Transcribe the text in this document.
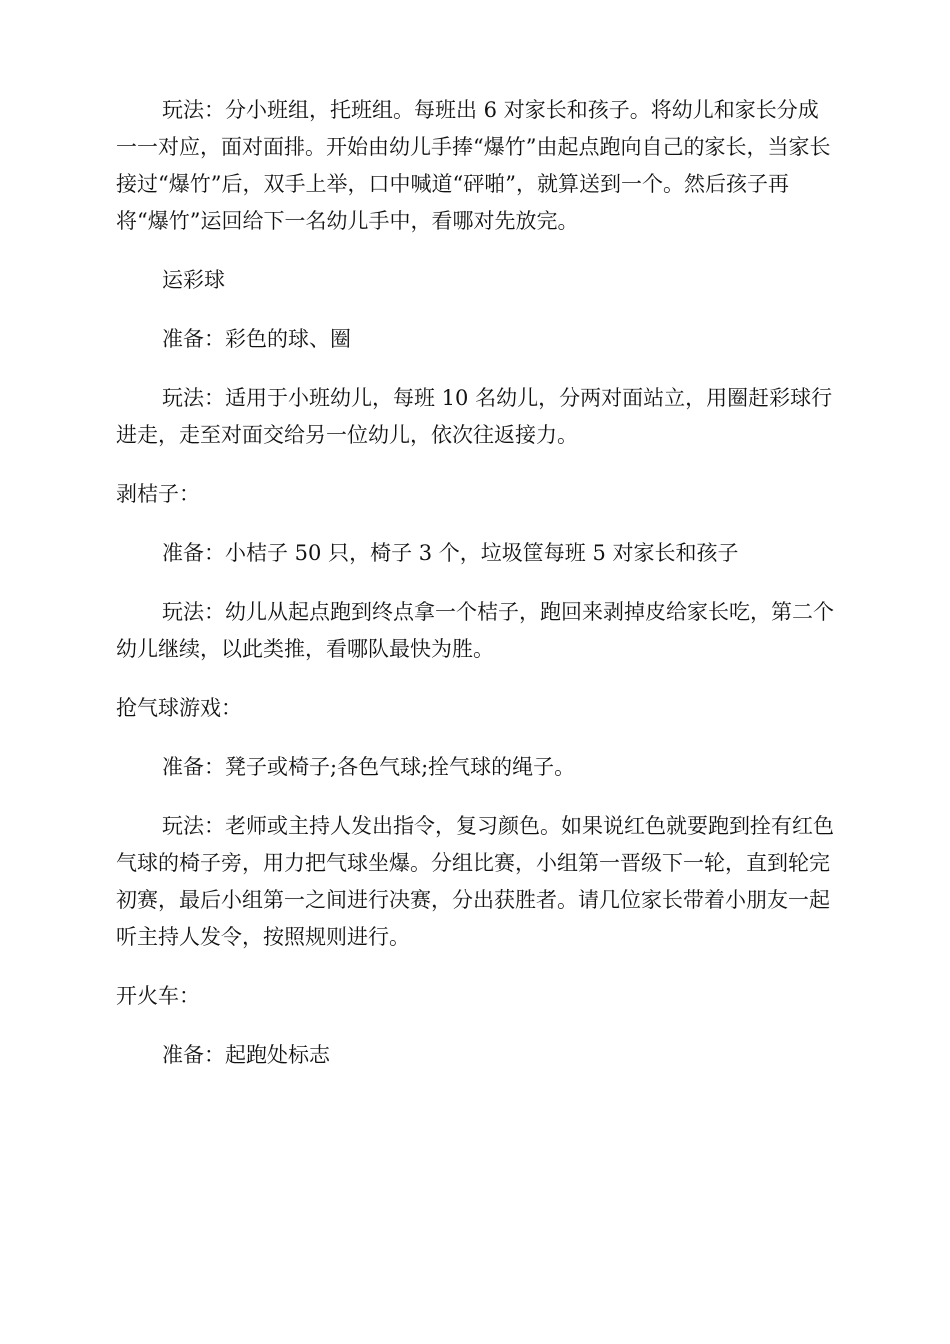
玩法：分小班组，托班组。每班出 6 对家长和孩子。将幼儿和家长分成一一对应，面对面排。开始由幼儿手捧“爆竹”由起点跑向自己的家长，当家长接过“爆竹”后，双手上举，口中喊道“砰啪”，就算送到一个。然后孩子再将“爆竹”运回给下一名幼儿手中，看哪对先放完。

运彩球

准备：彩色的球、圈

玩法：适用于小班幼儿，每班 10 名幼儿，分两对面站立，用圈赶彩球行进走，走至对面交给另一位幼儿，依次往返接力。

剥桔子：

准备：小桔子 50 只，椅子 3 个，垃圾筐每班 5 对家长和孩子

玩法：幼儿从起点跑到终点拿一个桔子，跑回来剥掉皮给家长吃，第二个幼儿继续，以此类推，看哪队最快为胜。

抢气球游戏：

准备：凳子或椅子;各色气球;拴气球的绳子。

玩法：老师或主持人发出指令，复习颜色。如果说红色就要跑到拴有红色气球的椅子旁，用力把气球坐爆。分组比赛，小组第一晋级下一轮，直到轮完初赛，最后小组第一之间进行决赛，分出获胜者。请几位家长带着小朋友一起听主持人发令，按照规则进行。

开火车：

准备：起跑处标志
